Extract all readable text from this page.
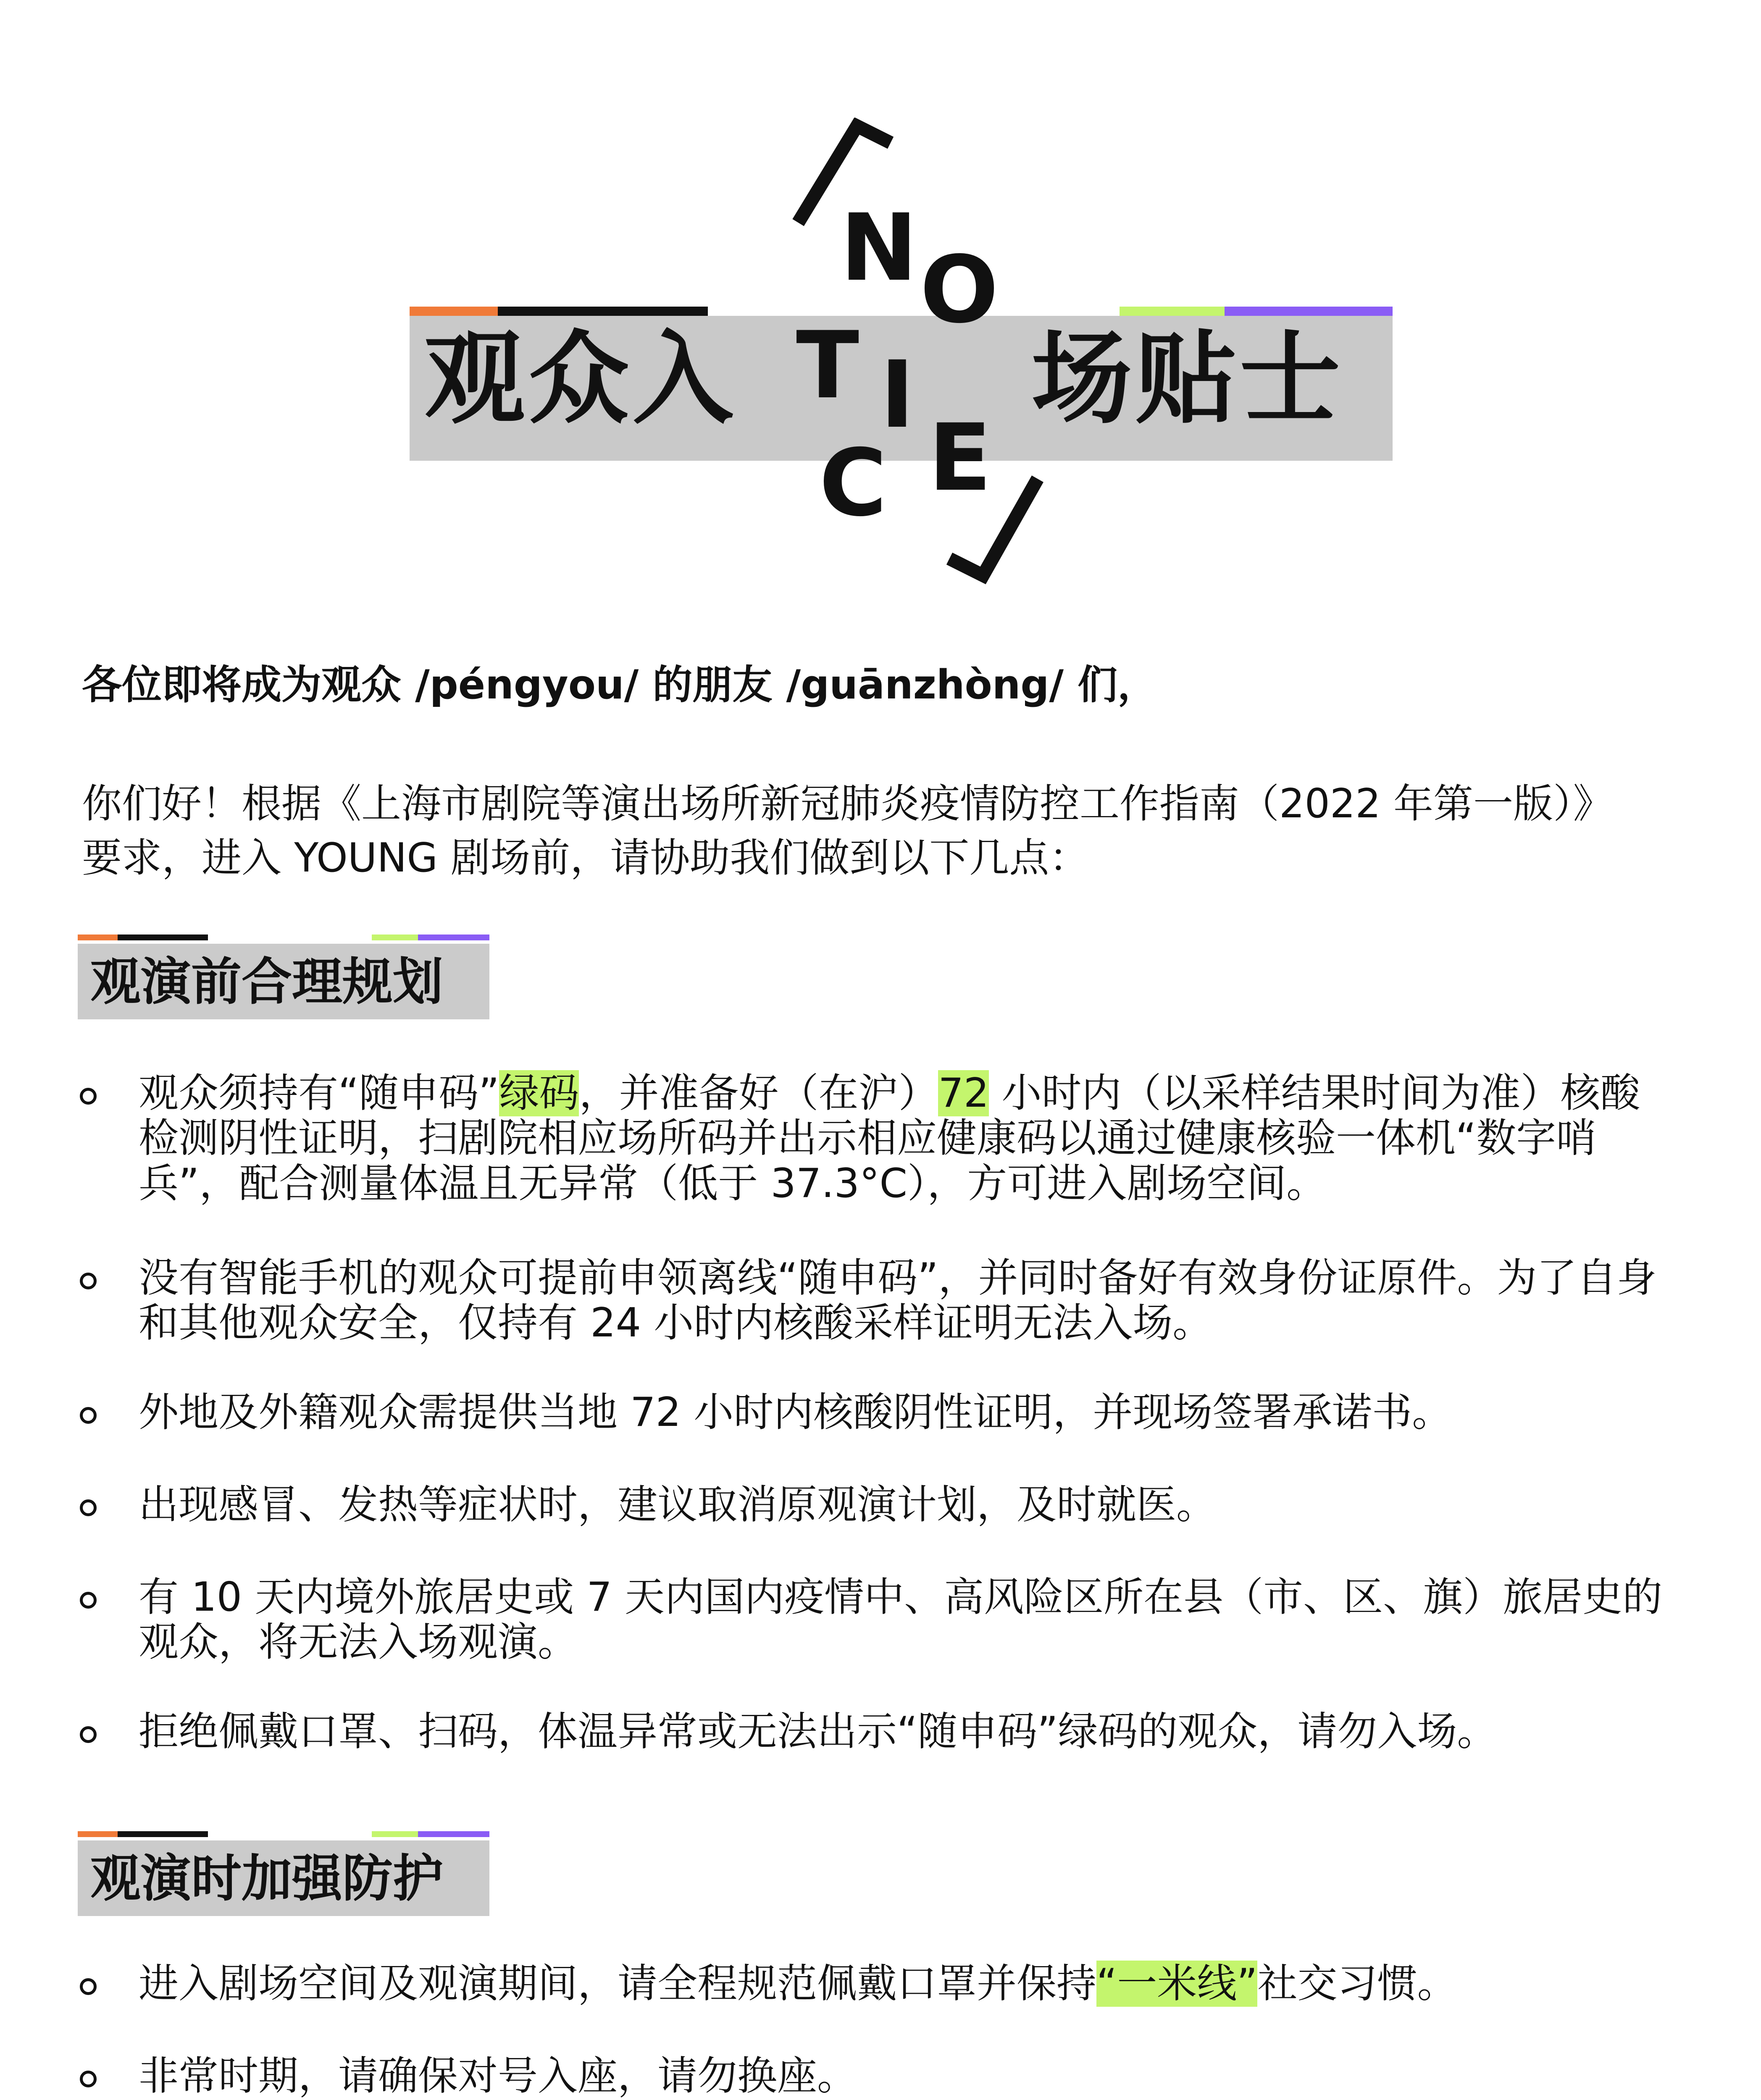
观众入	场贴士
N O
T I
C E
各位即将成为观众 /péngyou/ 的朋友 /guānzhòng/ 们，
你们好！根据《上海市剧院等演出场所新冠肺炎疫情防控工作指南（2022 年第一版）》
要求，进入 YOUNG 剧场前，请协助我们做到以下几点：
观演前合理规划
观众须持有“随申码”绿码，并准备好（在沪）72 小时内（以采样结果时间为准）核酸检测阴性证明，扫剧院相应场所码并出示相应健康码以通过健康核验一体机“数字哨兵”，配合测量体温且无异常（低于 37.3°C），方可进入剧场空间。
没有智能手机的观众可提前申领离线“随申码”，并同时备好有效身份证原件。为了自身和其他观众安全，仅持有 24 小时内核酸采样证明无法入场。
外地及外籍观众需提供当地 72 小时内核酸阴性证明，并现场签署承诺书。
出现感冒、发热等症状时，建议取消原观演计划，及时就医。
有 10 天内境外旅居史或 7 天内国内疫情中、高风险区所在县（市、区、旗）旅居史的观众，将无法入场观演。
拒绝佩戴口罩、扫码，体温异常或无法出示“随申码”绿码的观众，请勿入场。
观演时加强防护
进入剧场空间及观演期间，请全程规范佩戴口罩并保持“一米线”社交习惯。
非常时期，请确保对号入座，请勿换座。
